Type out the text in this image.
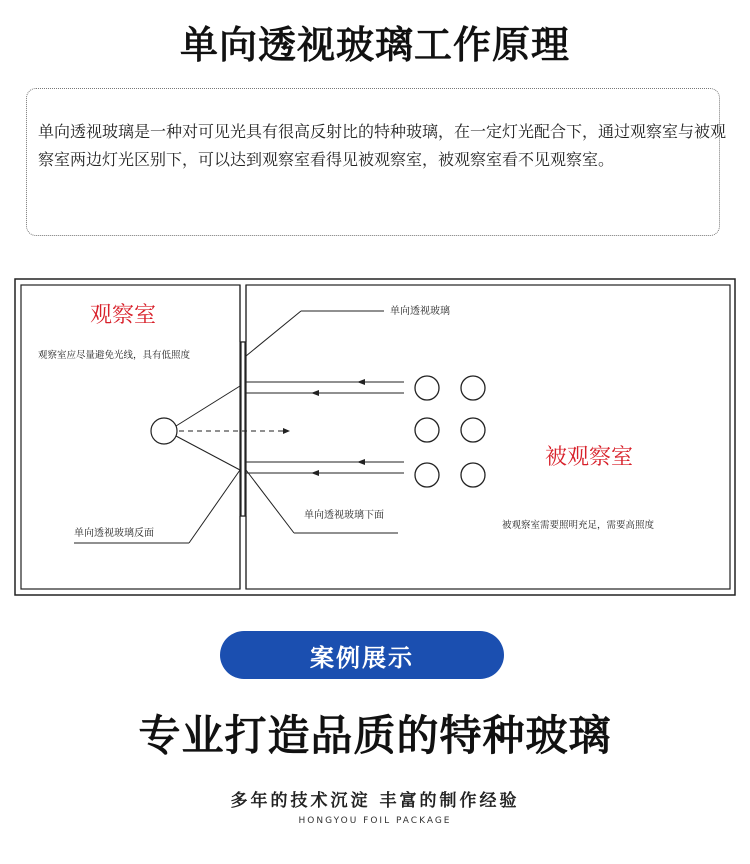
单向透视玻璃工作原理
单向透视玻璃是一种对可见光具有很高反射比的特种玻璃，在一定灯光配合下，通过观察室与被观察室两边灯光区别下，可以达到观察室看得见被观察室，被观察室看不见观察室。
观察室
观察室应尽量避免光线，具有低照度
单向透视玻璃
被观察室
被观察室需要照明充足，需要高照度
单向透视玻璃反面
单向透视玻璃下面
案例展示
专业打造品质的特种玻璃
多年的技术沉淀 丰富的制作经验
HONGYOU FOIL PACKAGE
